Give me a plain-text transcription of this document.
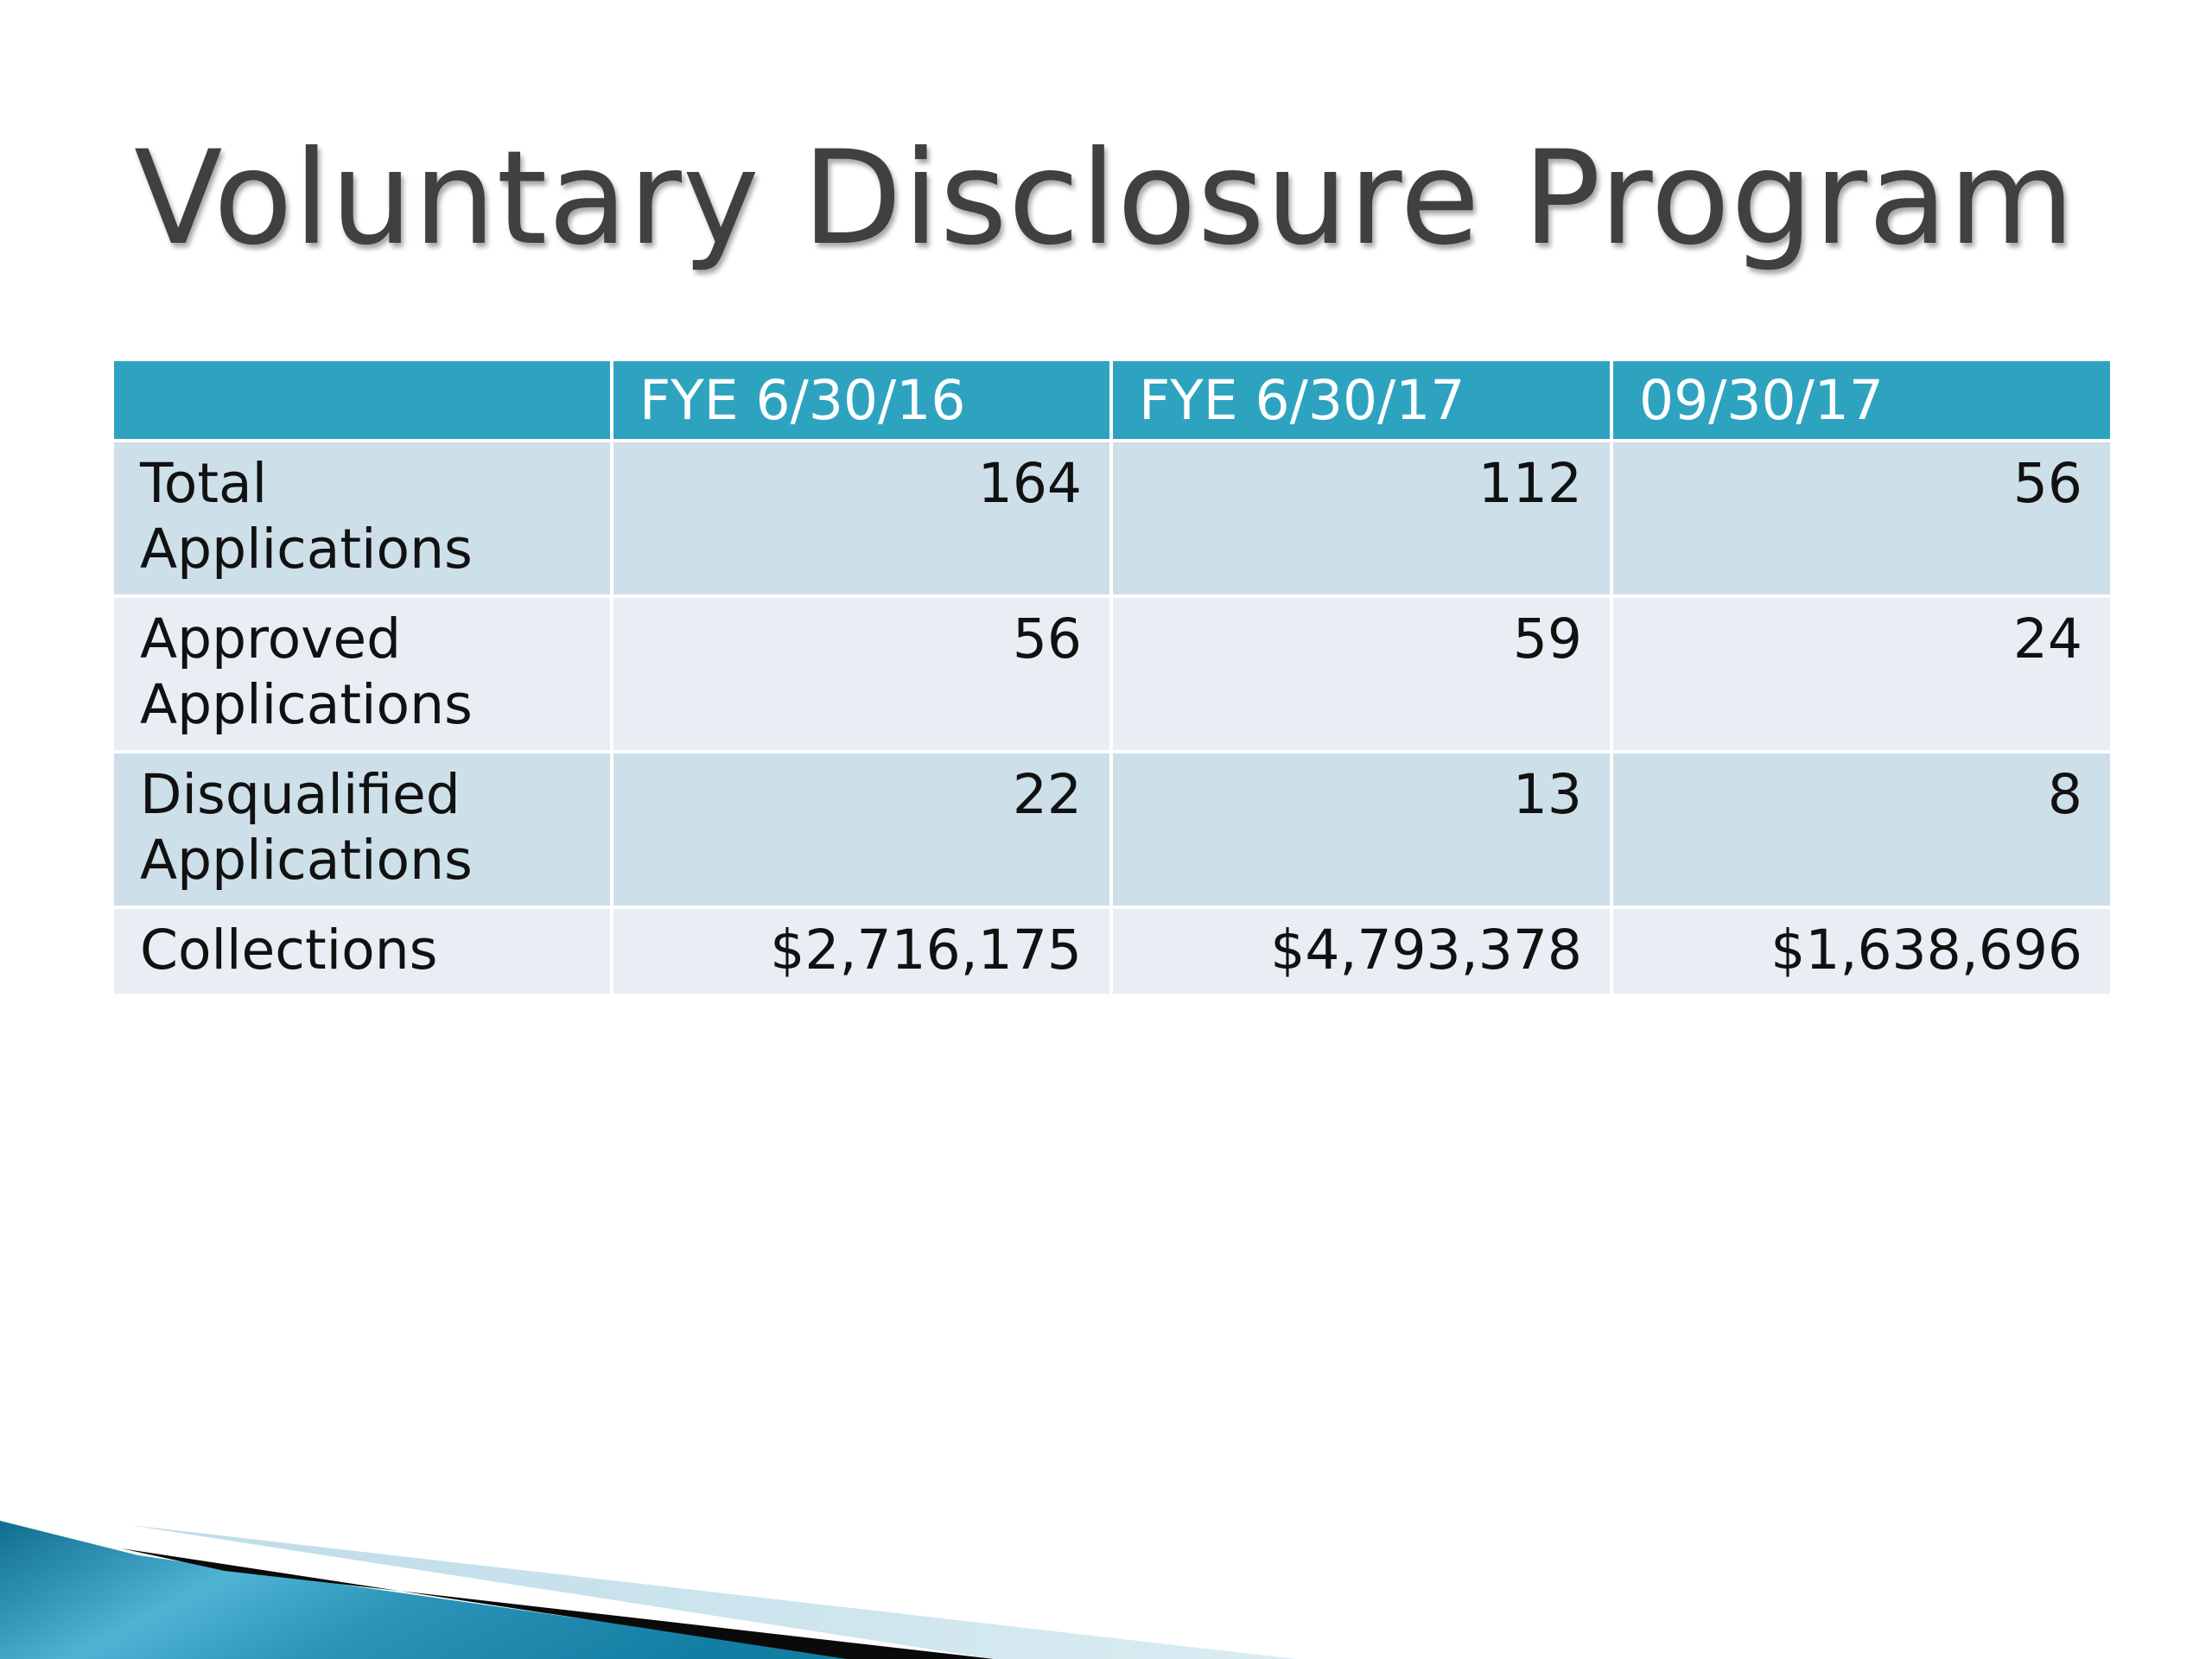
Voluntary Disclosure Program
	FYE 6/30/16	FYE 6/30/17	09/30/17
Total Applications	164	112	56
Approved Applications	56	59	24
Disqualified Applications	22	13	8
Collections	$2,716,175	$4,793,378	$1,638,696
